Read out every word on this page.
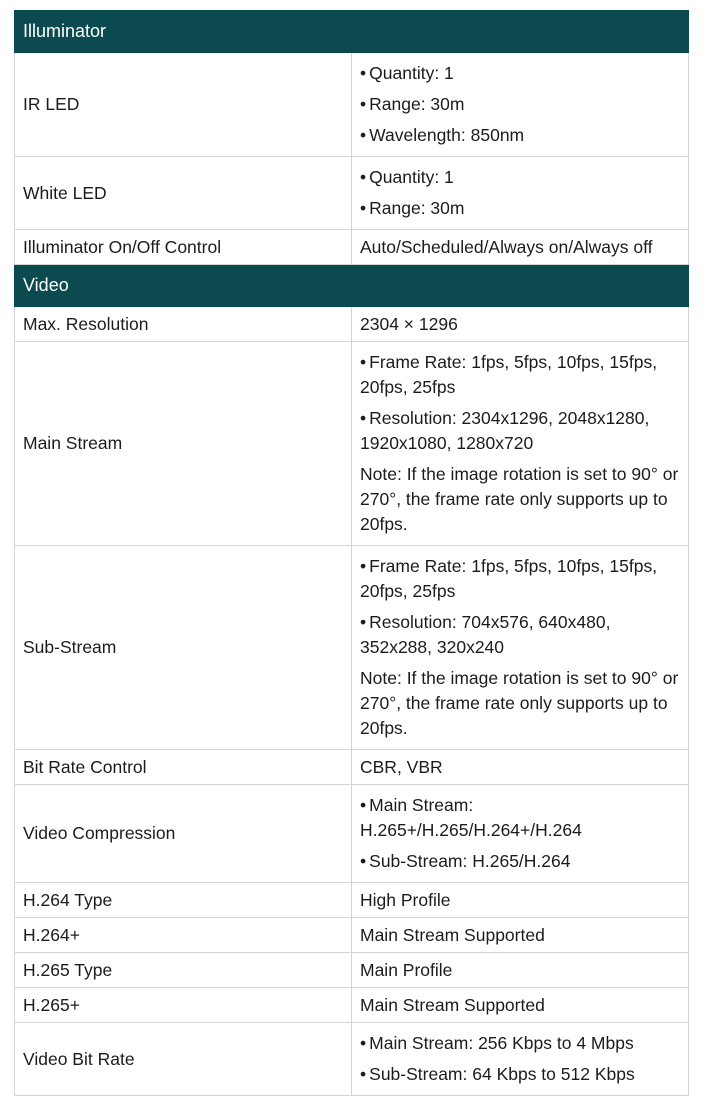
Illuminator	
IR LED	• Quantity: 1

• Range: 30m

• Wavelength: 850nm

White LED	• Quantity: 1

• Range: 30m

Illuminator On/Off Control	Auto/Scheduled/Always on/Always off
Video	
Max. Resolution	2304 × 1296
Main Stream	• Frame Rate: 1fps, 5fps, 10fps, 15fps, 20fps, 25fps

• Resolution: 2304x1296, 2048x1280, 1920x1080, 1280x720

Note: If the image rotation is set to 90° or 270°, the frame rate only supports up to 20fps.

Sub-Stream	• Frame Rate: 1fps, 5fps, 10fps, 15fps, 20fps, 25fps

• Resolution: 704x576, 640x480, 352x288, 320x240

Note: If the image rotation is set to 90° or 270°, the frame rate only supports up to 20fps.

Bit Rate Control	CBR, VBR
Video Compression	• Main Stream: H.265+/H.265/H.264+/H.264

• Sub-Stream: H.265/H.264

H.264 Type	High Profile
H.264+	Main Stream Supported
H.265 Type	Main Profile
H.265+	Main Stream Supported
Video Bit Rate	• Main Stream: 256 Kbps to 4 Mbps

• Sub-Stream: 64 Kbps to 512 Kbps
